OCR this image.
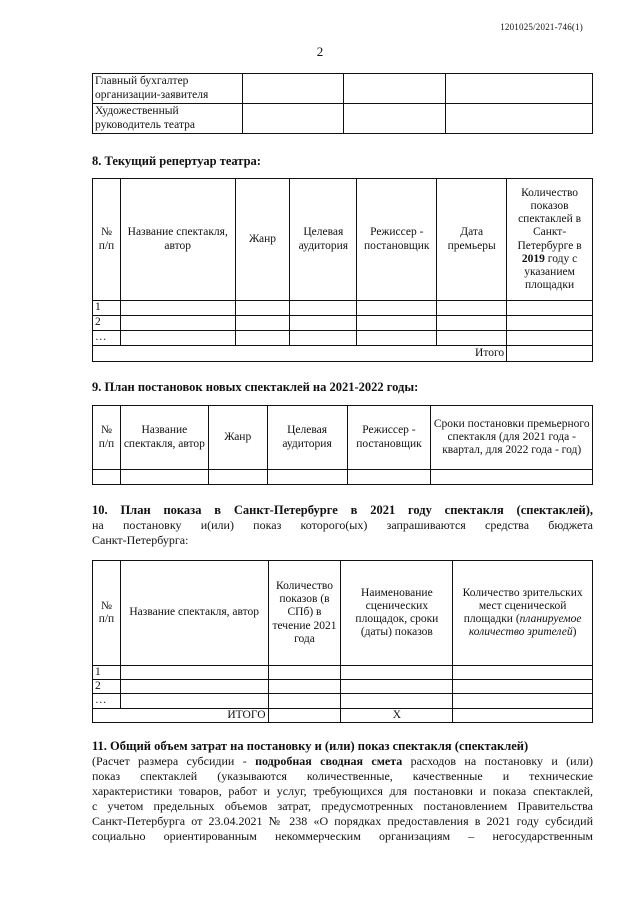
1201025/2021-746(1)
2
Главный бухгалтер организации-заявителя			
Художественный руководитель театра			
8. Текущий репертуар театра:
№ п/п	Название спектакля, автор	Жанр	Целевая аудитория	Режиссер - постановщик	Дата премьеры	Количество показов спектаклей в Санкт-Петербурге в 2019 году с указанием площадки
1						
2						
…						
Итого						
9. План постановок новых спектаклей на 2021-2022 годы:
№ п/п	Название спектакля, автор	Жанр	Целевая аудитория	Режиссер - постановщик	Сроки постановки премьерного спектакля (для 2021 года - квартал, для 2022 года - год)

10. План показа в Санкт-Петербурге в 2021 году спектакля (спектаклей),

на постановку и(или) показ которого(ых) запрашиваются средства бюджета

Санкт-Петербурга:

№ п/п	Название спектакля, автор	Количество показов (в СПб) в течение 2021 года	Наименование сценических площадок, сроки (даты) показов	Количество зрительских мест сценической площадки (планируемое количество зрителей)
1				
2				
…				
ИТОГО			X	

11. Общий объем затрат на постановку и (или) показ спектакля (спектаклей)

(Расчет размера субсидии - подробная сводная смета расходов на постановку и (или)

показ спектаклей (указываются количественные, качественные и технические

характеристики товаров, работ и услуг, требующихся для постановки и показа спектаклей,

с учетом предельных объемов затрат, предусмотренных постановлением Правительства

Санкт-Петербурга от 23.04.2021 № 238 «О порядках предоставления в 2021 году субсидий

социально ориентированным некоммерческим организациям – негосударственным
